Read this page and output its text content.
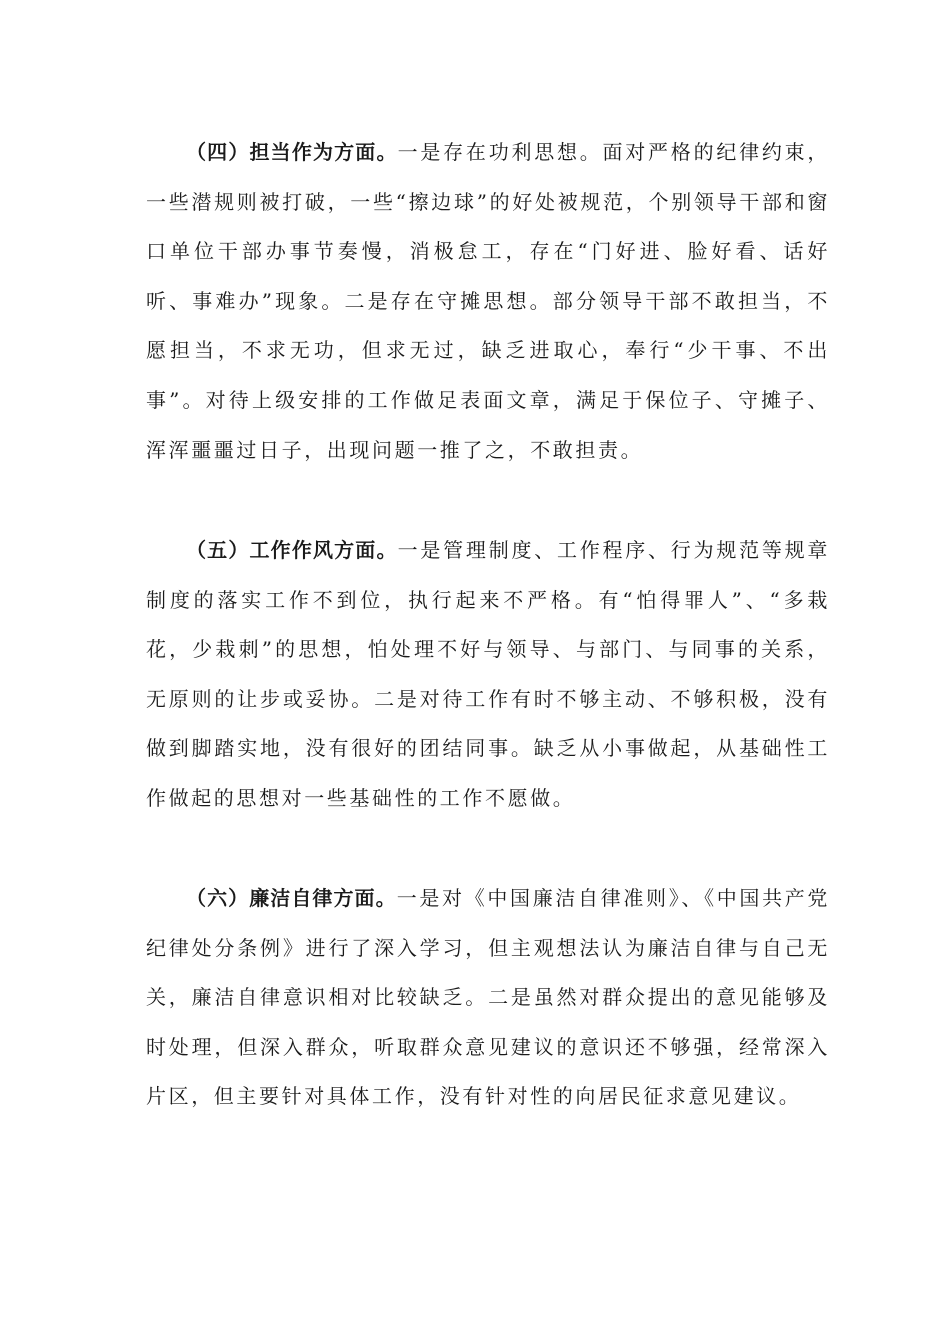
（四）担当作为方面。一是存在功利思想。面对严格的纪律约束，一些潜规则被打破，一些“擦边球”的好处被规范，个别领导干部和窗口单位干部办事节奏慢，消极怠工，存在“门好进、脸好看、话好听、事难办”现象。二是存在守摊思想。部分领导干部不敢担当，不愿担当，不求无功，但求无过，缺乏进取心，奉行“少干事、不出事”。对待上级安排的工作做足表面文章，满足于保位子、守摊子、浑浑噩噩过日子，出现问题一推了之，不敢担责。

（五）工作作风方面。一是管理制度、工作程序、行为规范等规章制度的落实工作不到位，执行起来不严格。有“怕得罪人”、“多栽花，少栽刺”的思想，怕处理不好与领导、与部门、与同事的关系，无原则的让步或妥协。二是对待工作有时不够主动、不够积极，没有做到脚踏实地，没有很好的团结同事。缺乏从小事做起，从基础性工作做起的思想对一些基础性的工作不愿做。

（六）廉洁自律方面。一是对《中国廉洁自律准则》、《中国共产党纪律处分条例》进行了深入学习，但主观想法认为廉洁自律与自己无关，廉洁自律意识相对比较缺乏。二是虽然对群众提出的意见能够及时处理，但深入群众，听取群众意见建议的意识还不够强，经常深入片区，但主要针对具体工作，没有针对性的向居民征求意见建议。
